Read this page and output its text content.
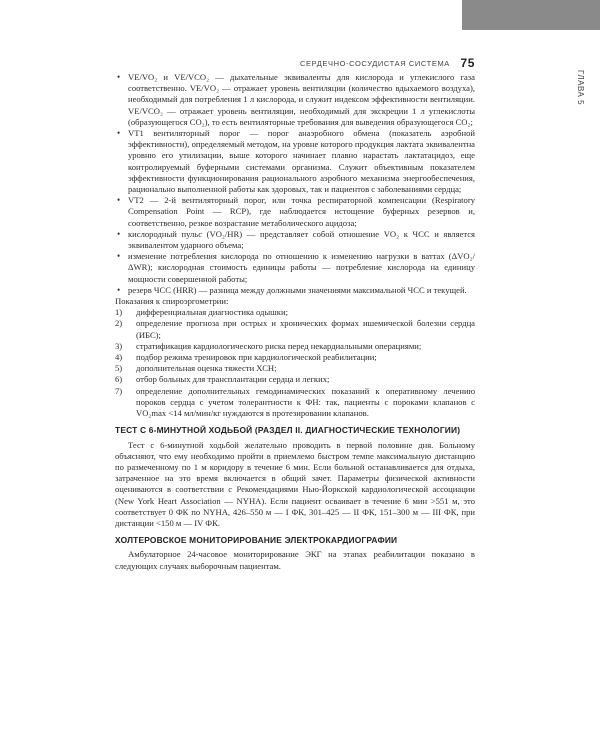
ГЛАВА 5
СЕРДЕЧНО-СОСУДИСТАЯ СИСТЕМА 75
• VE/VO₂ и VE/VCO₂ — дыхательные эквиваленты для кислорода и углекислого газа соответственно. VE/VO₂ — отражает уровень вентиляции (количество вдыхаемого воздуха), необходимый для потребления 1 л кислорода, и служит индексом эффективности вентиляции. VE/VCO₂ — отражает уровень вентиляции, необходимый для экскреции 1 л углекислоты (образующегося CO₂), то есть вентиляторные требования для выведения образующегося CO₂;
• VT1 вентиляторный порог — порог анаэробного обмена (показатель аэробной эффективности), определяемый методом, на уровне которого продукция лактата эквивалентна уровню его утилизации, выше которого начинает плавно нарастать лактатацидоз, еще контролируемый буферными системами организма. Служит объективным показателем эффективности функционирования рационального аэробного механизма энергообеспечения, рационально выполненной работы как здоровых, так и пациентов с заболеваниями сердца;
• VT2 — 2-й вентиляторный порог, или точка респираторной компенсации (Respiratory Compensation Point — RCP), где наблюдается истощение буферных резервов и, соответственно, резкое возрастание метаболического ацидоза;
• кислородный пульс (VO₂/HR) — представляет собой отношение VO₂ к ЧСС и является эквивалентом ударного объема;
• изменение потребления кислорода по отношению к изменению нагрузки в ваттах (ΔVO₂/ΔWR); кислородная стоимость единицы работы — потребление кислорода на единицу мощности совершенной работы;
• резерв ЧСС (HRR) — разница между должными значениями максимальной ЧСС и текущей.

Показания к спироэргометрии:

1) дифференциальная диагностика одышки;
2) определение прогноза при острых и хронических формах ишемической болезни сердца (ИБС);
3) стратификация кардиологического риска перед некардиальными операциями;
4) подбор режима тренировок при кардиологической реабилитации;
5) дополнительная оценка тяжести ХСН;
6) отбор больных для трансплантации сердца и легких;
7) определение дополнительных гемодинамических показаний к оперативному лечению пороков сердца с учетом толерантности к ФН: так, пациенты с пороками клапанов с VO₂max <14 мл/мин/кг нуждаются в протезировании клапанов.
ТЕСТ С 6-МИНУТНОЙ ХОДЬБОЙ (РАЗДЕЛ II. ДИАГНОСТИЧЕСКИЕ ТЕХНОЛОГИИ)

Тест с 6-минутной ходьбой желательно проводить в первой половине дня. Больному объясняют, что ему необходимо пройти в приемлемо быстром темпе максимальную дистанцию по размеченному по 1 м коридору в течение 6 мин. Если больной останавливается для отдыха, затраченное на это время включается в общий зачет. Параметры физической активности оцениваются в соответствии с Рекомендациями Нью-Йоркской кардиологической ассоциации (New York Heart Association — NYHA). Если пациент осваивает в течение 6 мин >551 м, это соответствует 0 ФК по NYHA, 426–550 м — I ФК, 301–425 — II ФК, 151–300 м — III ФК, при дистанции <150 м — IV ФК.

ХОЛТЕРОВСКОЕ МОНИТОРИРОВАНИЕ ЭЛЕКТРОКАРДИОГРАФИИ

Амбулаторное 24-часовое мониторирование ЭКГ на этапах реабилитации показано в следующих случаях выборочным пациентам.
